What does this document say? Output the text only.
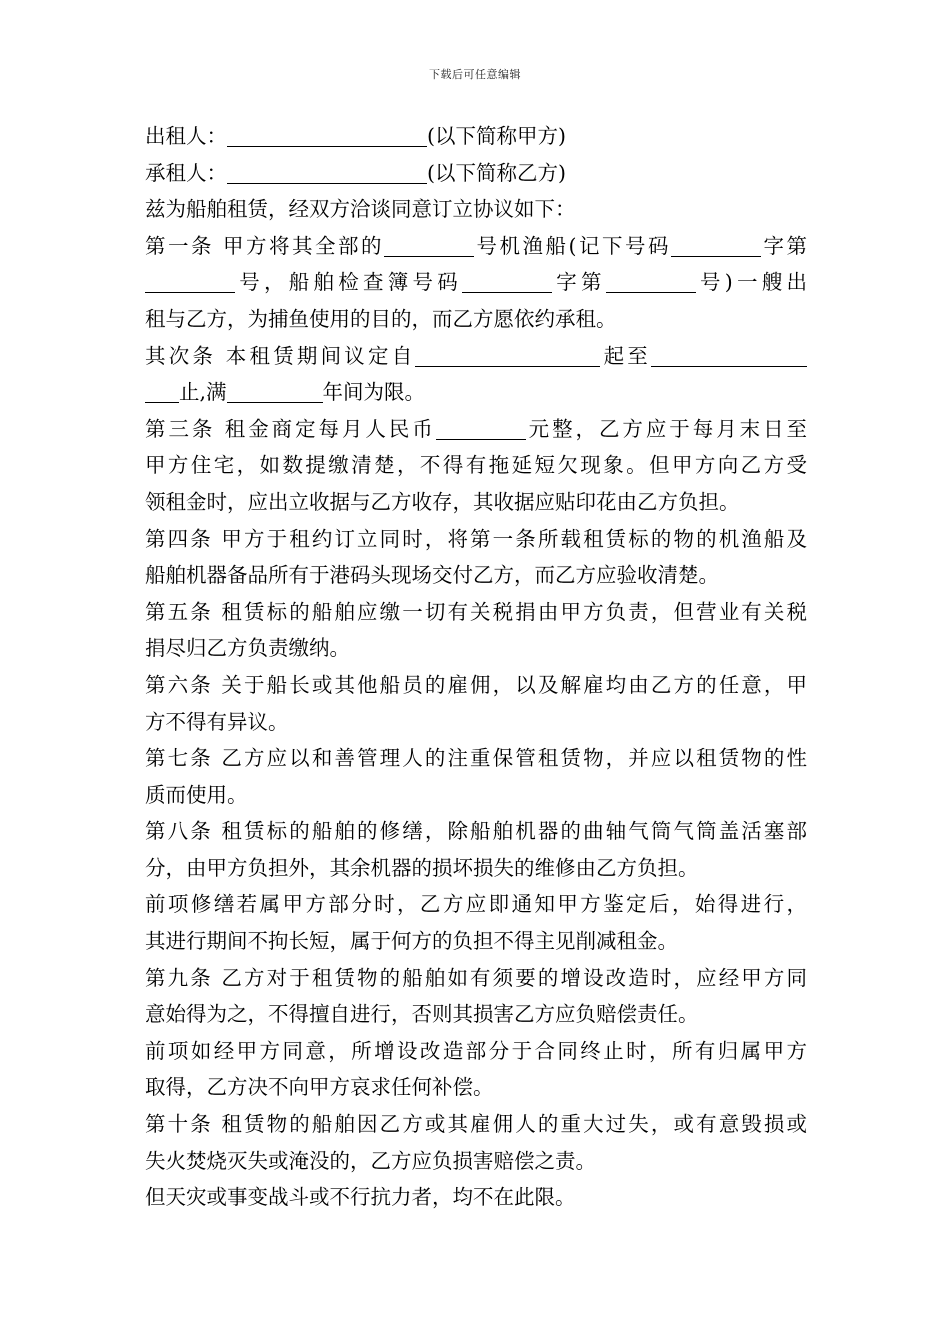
下载后可任意编辑
出租人：	(以下简称甲方)
承租人：	(以下简称乙方)
兹为船舶租赁，经双方洽谈同意订立协议如下：
第一条 甲方将其全部的	号机渔船(记下号码	字第
号，船舶检查簿号码	字第	号)一艘出
租与乙方，为捕鱼使用的目的，而乙方愿依约承租。
其次条 本租赁期间议定自	起至
止,满	年间为限。
第三条 租金商定每月人民币	元整，乙方应于每月末日至
甲方住宅，如数提缴清楚，不得有拖延短欠现象。但甲方向乙方受
领租金时，应出立收据与乙方收存，其收据应贴印花由乙方负担。
第四条 甲方于租约订立同时，将第一条所载租赁标的物的机渔船及
船舶机器备品所有于港码头现场交付乙方，而乙方应验收清楚。
第五条 租赁标的船舶应缴一切有关税捐由甲方负责，但营业有关税
捐尽归乙方负责缴纳。
第六条 关于船长或其他船员的雇佣，以及解雇均由乙方的任意，甲
方不得有异议。
第七条 乙方应以和善管理人的注重保管租赁物，并应以租赁物的性
质而使用。
第八条 租赁标的船舶的修缮，除船舶机器的曲轴气筒气筒盖活塞部
分，由甲方负担外，其余机器的损坏损失的维修由乙方负担。
前项修缮若属甲方部分时，乙方应即通知甲方鉴定后，始得进行，
其进行期间不拘长短，属于何方的负担不得主见削减租金。
第九条 乙方对于租赁物的船舶如有须要的增设改造时，应经甲方同
意始得为之，不得擅自进行，否则其损害乙方应负赔偿责任。
前项如经甲方同意，所增设改造部分于合同终止时，所有归属甲方
取得，乙方决不向甲方哀求任何补偿。
第十条 租赁物的船舶因乙方或其雇佣人的重大过失，或有意毁损或
失火焚烧灭失或淹没的，乙方应负损害赔偿之责。
但天灾或事变战斗或不行抗力者，均不在此限。
